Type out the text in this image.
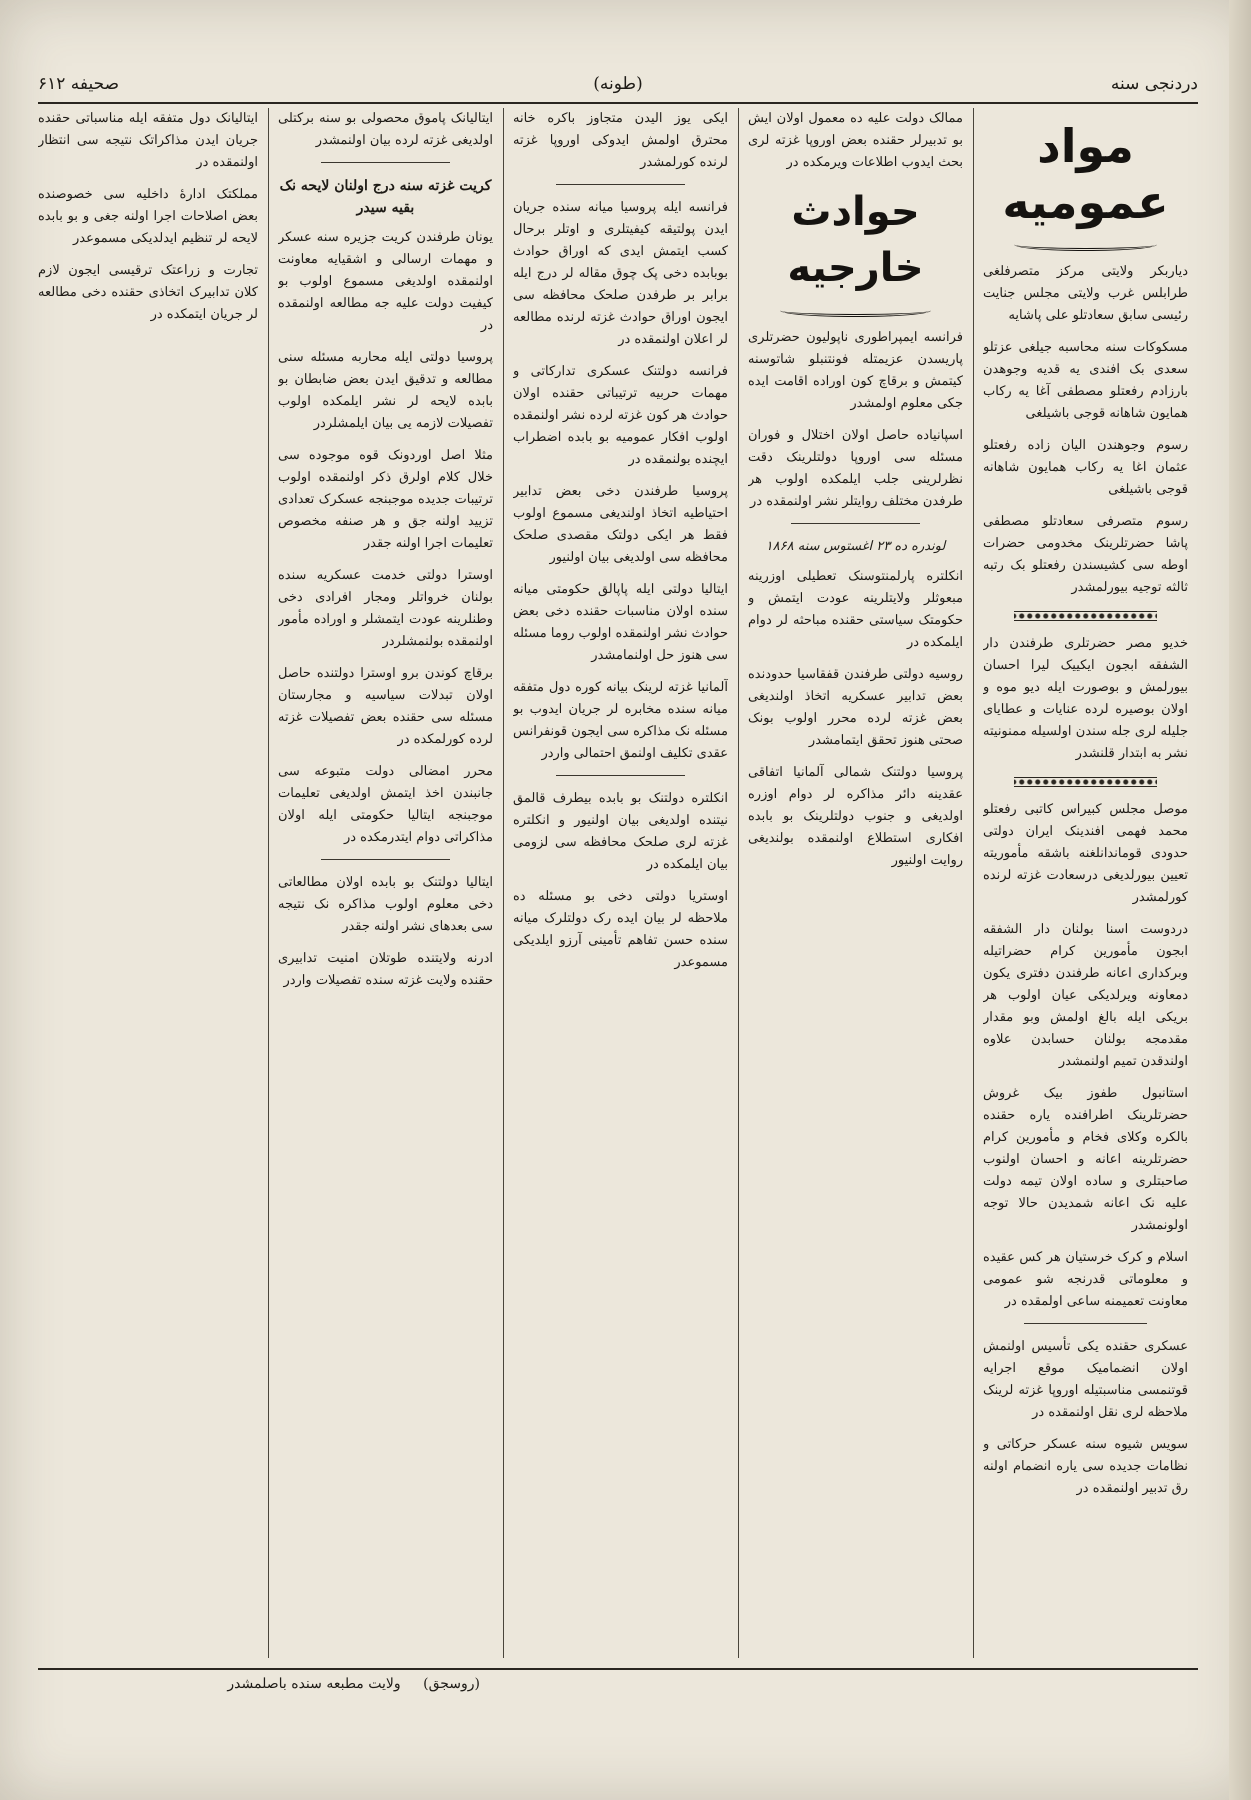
دردنجی سنه
(طونه)
صحیفه ۶۱۲
مواد عمومیه

دیاربکر ولایتی مرکز متصرفلغی طرابلس غرب ولایتی مجلس جنایت رئیسی سابق سعادتلو علی پاشایه

مسکوکات سنه محاسبه جیلغی عزتلو سعدی بک افندی یه قدیه وجوهدن بارزادم رفعتلو مصطفی آغا یه رکاب همایون شاهانه قوجی باشیلغی

رسوم وجوهندن الیان زاده رفعتلو عثمان اغا یه رکاب همایون شاهانه قوجی باشیلغی

رسوم متصرفی سعادتلو مصطفی پاشا حضرتلرینک مخدومی حضرات اوطه سی کشیسندن رفعتلو بک رتبه ثالثه توجیه بیورلمشدر

خدیو مصر حضرتلری طرفندن دار الشفقه ابجون ایکییک لیرا احسان بیورلمش و بوصورت ایله دیو موه و اولان بوصیره لرده عنایات و عطایای جلیله لری جله سندن اولسیله ممنونیته نشر به ابتدار قلنشدر

موصل مجلس کبیراس کاتبی رفعتلو محمد فهمی افندینک ایران دولتی حدودی قوماندانلغنه باشقه مأموریته تعیین بیورلدیغی درسعادت غزته لرنده کورلمشدر

دردوست اسنا بولنان دار الشفقه ابجون مأمورین کرام حضراتیله وبرکداری اعانه طرفندن دفتری یکون دمعاونه ویرلدیکی عیان اولوب هر بریکی ایله بالغ اولمش وبو مقدار مقدمجه بولنان حسابدن علاوه اولندقدن تمیم اولنمشدر

استانبول طفوز بیک غروش حضرتلرینک اطرافنده یاره حقنده بالکره وکلای فخام و مأمورین کرام حضرتلرینه اعانه و احسان اولنوب صاحبتلری و ساده اولان تیمه دولت علیه نک اعانه شمدیدن حالا توجه اولونمشدر

اسلام و کرک خرستیان هر کس عقیده و معلوماتی قدرنجه شو عمومی معاونت تعمیمنه ساعی اولمقده در

عسکری حقنده یکی تأسیس اولنمش اولان انضمامیک موقع اجرایه قوتنمسی مناسبتیله اوروپا غزته لرینک ملاحظه لری نقل اولنمقده در

سویس شیوه سنه عسکر حرکاتی و نظامات جدیده سی یاره انضمام اولنه رق تدبیر اولنمقده در

ممالک دولت علیه ده معمول اولان ایش بو تدبیرلر حقنده بعض اوروپا غزته لری بحث ایدوب اطلاعات ویرمکده در

حوادث خارجیه

فرانسه ایمپراطوری ناپولیون حضرتلری پاریسدن عزیمتله فونتنبلو شاتوسنه کیتمش و برقاچ کون اوراده اقامت ایده جکی معلوم اولمشدر

اسپانیاده حاصل اولان اختلال و فوران مسئله سی اوروپا دولتلرینک دقت نظرلرینی جلب ایلمکده اولوب هر طرفدن مختلف روایتلر نشر اولنمقده در

لوندره ده ۲۳ اغستوس سنه ۱۸۶۸

انکلتره پارلمنتوسنک تعطیلی اوزرینه مبعوثلر ولایتلرینه عودت ایتمش و حکومتک سیاستی حقنده مباحثه لر دوام ایلمکده در

روسیه دولتی طرفندن قفقاسیا حدودنده بعض تدابیر عسکریه اتخاذ اولندیغی بعض غزته لرده محرر اولوب بونک صحتی هنوز تحقق ایتمامشدر

پروسیا دولتنک شمالی آلمانیا اتفاقی عقدینه دائر مذاکره لر دوام اوزره اولدیغی و جنوب دولتلرینک بو بابده افکاری استطلاع اولنمقده بولندیغی روایت اولنیور

ایکی یوز الیدن متجاوز باکره خانه محترق اولمش ایدوکی اوروپا غزته لرنده کورلمشدر

فرانسه ایله پروسیا میانه سنده جریان ایدن پولتیقه کیفیتلری و اوتلر برحال کسب ایتمش ایدی که اوراق حوادث بوبابده دخی پک چوق مقاله لر درج ایله برابر بر طرفدن صلحک محافظه سی ایجون اوراق حوادث غزته لرنده مطالعه لر اعلان اولنمقده در

فرانسه دولتنک عسکری تدارکاتی و مهمات حربیه ترتیباتی حقنده اولان حوادث هر کون غزته لرده نشر اولنمقده اولوب افکار عمومیه بو بابده اضطراب ایچنده بولنمقده در

پروسیا طرفندن دخی بعض تدابیر احتیاطیه اتخاذ اولندیغی مسموع اولوب فقط هر ایکی دولتک مقصدی صلحک محافظه سی اولدیغی بیان اولنیور

ایتالیا دولتی ایله پاپالق حکومتی میانه سنده اولان مناسبات حقنده دخی بعض حوادث نشر اولنمقده اولوب روما مسئله سی هنوز حل اولنمامشدر

آلمانیا غزته لرینک بیانه کوره دول متفقه میانه سنده مخابره لر جریان ایدوب بو مسئله نک مذاکره سی ایجون قونفرانس عقدی تکلیف اولنمق احتمالی واردر

انکلتره دولتنک بو بابده بیطرف قالمق نیتنده اولدیغی بیان اولنیور و انکلتره غزته لری صلحک محافظه سی لزومی بیان ایلمکده در

اوستریا دولتی دخی بو مسئله ده ملاحظه لر بیان ایده رک دولتلرک میانه سنده حسن تفاهم تأمینی آرزو ایلدیکی مسموعدر

ایتالیانک پاموق محصولی بو سنه برکتلی اولدیغی غزته لرده بیان اولنمشدر

کریت غزته سنه درج اولنان لایحه نک بقیه سیدر

یونان طرفندن کریت جزیره سنه عسکر و مهمات ارسالی و اشقیایه معاونت اولنمقده اولدیغی مسموع اولوب بو کیفیت دولت علیه جه مطالعه اولنمقده در

پروسیا دولتی ایله محاربه مسئله سنی مطالعه و تدقیق ایدن بعض ضابطان بو بابده لایحه لر نشر ایلمکده اولوب تفصیلات لازمه یی بیان ایلمشلردر

مثلا اصل اوردونک قوه موجوده سی خلال کلام اولرق ذکر اولنمقده اولوب ترتیبات جدیده موجبنجه عسکرک تعدادی تزیید اولنه جق و هر صنفه مخصوص تعلیمات اجرا اولنه جقدر

اوسترا دولتی خدمت عسکریه سنده بولنان خرواتلر ومجار افرادی دخی وطنلرینه عودت ایتمشلر و اوراده مأمور اولنمقده بولنمشلردر

برقاچ کوندن برو اوسترا دولتنده حاصل اولان تبدلات سیاسیه و مجارستان مسئله سی حقنده بعض تفصیلات غزته لرده کورلمکده در

محرر امضالی دولت متبوعه سی جانبندن اخذ ایتمش اولدیغی تعلیمات موجبنجه ایتالیا حکومتی ایله اولان مذاکراتی دوام ایتدرمکده در

ایتالیا دولتنک بو بابده اولان مطالعاتی دخی معلوم اولوب مذاکره نک نتیجه سی بعدهای نشر اولنه جقدر

ادرنه ولایتنده طوتلان امنیت تدابیری حقنده ولایت غزته سنده تفصیلات واردر

ایتالیانک دول متفقه ایله مناسباتی حقنده جریان ایدن مذاکراتک نتیجه سی انتظار اولنمقده در

مملکتک ادارۀ داخلیه سی خصوصنده بعض اصلاحات اجرا اولنه جغی و بو بابده لایحه لر تنظیم ایدلدیکی مسموعدر

تجارت و زراعتک ترقیسی ایجون لازم کلان تدابیرک اتخاذی حقنده دخی مطالعه لر جریان ایتمکده در

(روسجق) ولایت مطبعه سنده باصلمشدر
